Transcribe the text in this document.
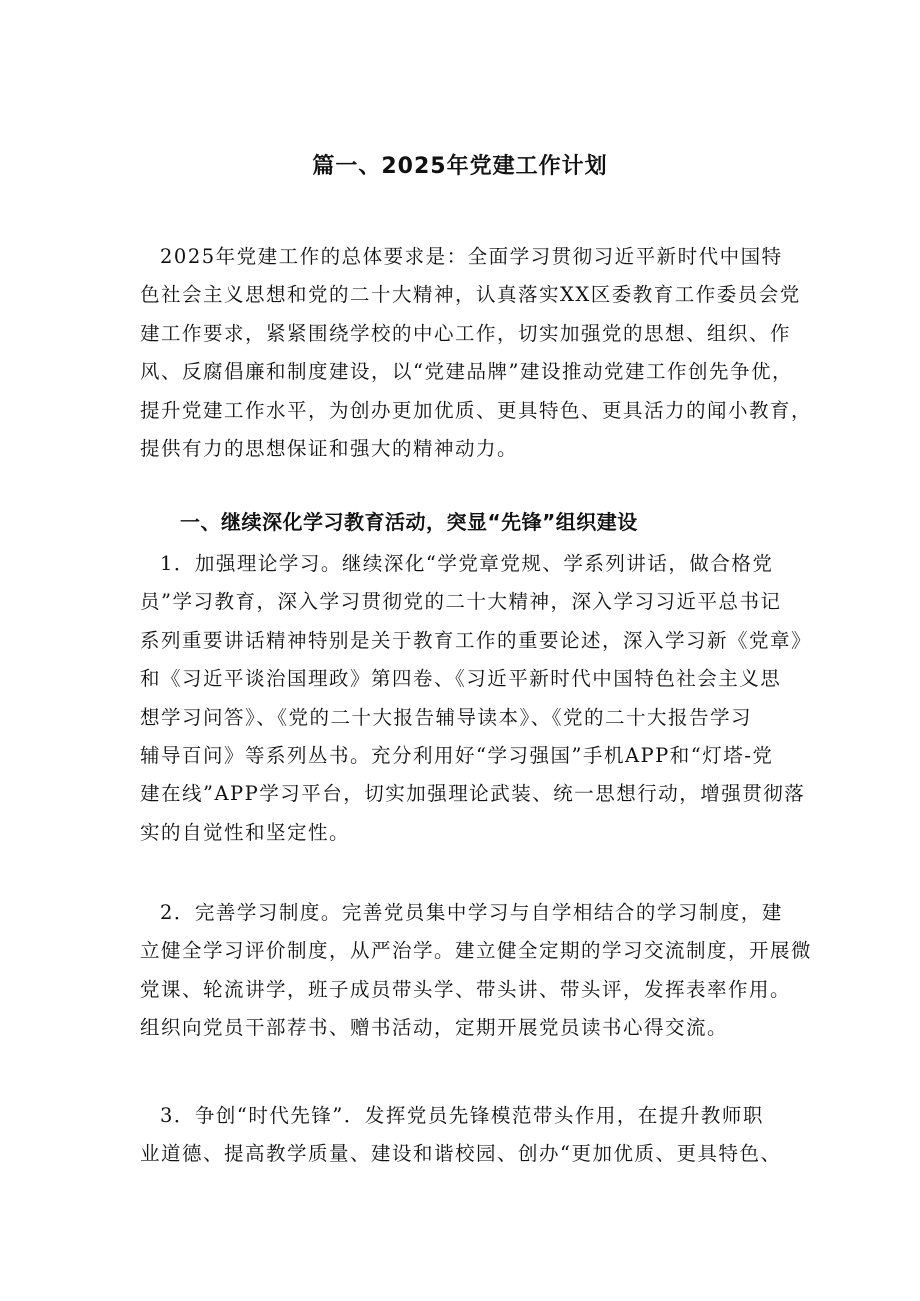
篇一、2025年党建工作计划
2025年党建工作的总体要求是：全面学习贯彻习近平新时代中国特
色社会主义思想和党的二十大精神，认真落实XX区委教育工作委员会党
建工作要求，紧紧围绕学校的中心工作，切实加强党的思想、组织、作
风、反腐倡廉和制度建设，以“党建品牌”建设推动党建工作创先争优，
提升党建工作水平，为创办更加优质、更具特色、更具活力的闻小教育，
提供有力的思想保证和强大的精神动力。
一、继续深化学习教育活动，突显“先锋”组织建设
1．加强理论学习。继续深化“学党章党规、学系列讲话，做合格党
员”学习教育，深入学习贯彻党的二十大精神，深入学习习近平总书记
系列重要讲话精神特别是关于教育工作的重要论述，深入学习新《党章》
和《习近平谈治国理政》第四卷、《习近平新时代中国特色社会主义思
想学习问答》、《党的二十大报告辅导读本》、《党的二十大报告学习
辅导百问》等系列丛书。充分利用好“学习强国”手机APP和“灯塔-党
建在线”APP学习平台，切实加强理论武装、统一思想行动，增强贯彻落
实的自觉性和坚定性。
2．完善学习制度。完善党员集中学习与自学相结合的学习制度，建
立健全学习评价制度，从严治学。建立健全定期的学习交流制度，开展微
党课、轮流讲学，班子成员带头学、带头讲、带头评，发挥表率作用。
组织向党员干部荐书、赠书活动，定期开展党员读书心得交流。
3．争创“时代先锋”．发挥党员先锋模范带头作用，在提升教师职
业道德、提高教学质量、建设和谐校园、创办“更加优质、更具特色、
